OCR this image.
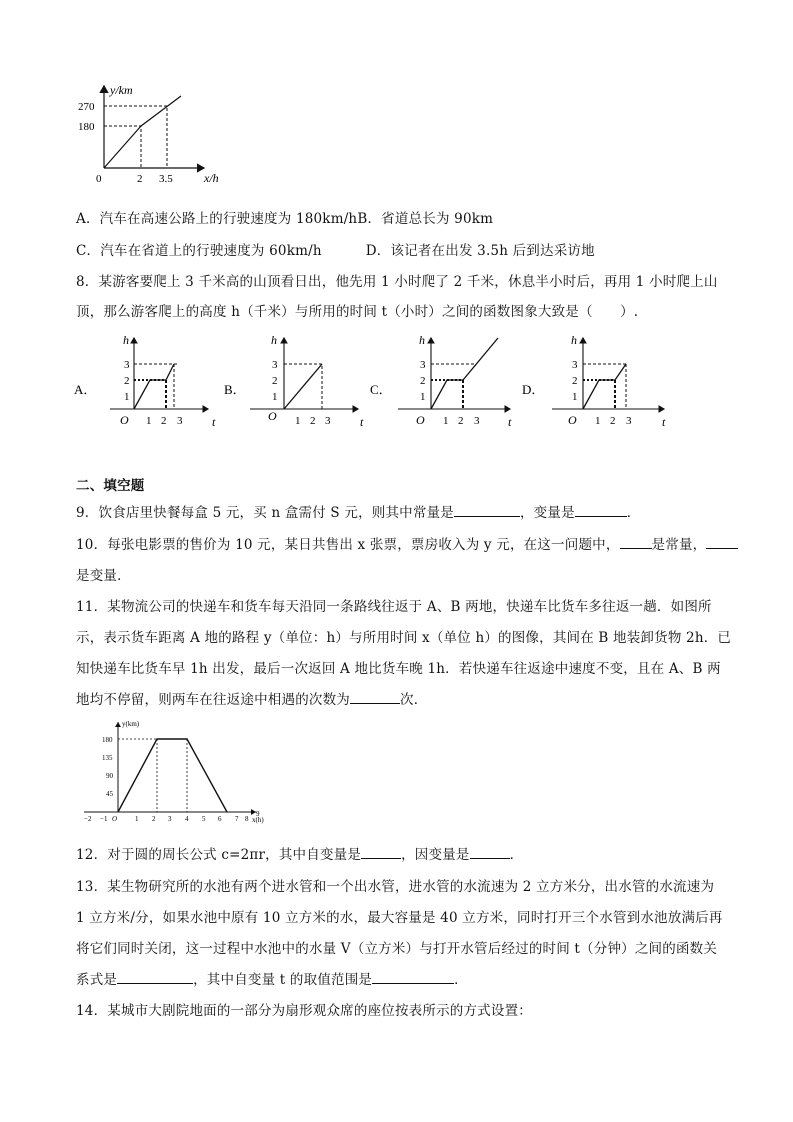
y/km
x/h
0
270
180
2 3.5
A．汽车在高速公路上的行驶速度为 180km/hB．省道总长为 90km
C．汽车在省道上的行驶速度为 60km/h	D．该记者在出发 3.5h 后到达采访地
8．某游客要爬上 3 千米高的山顶看日出，他先用 1 小时爬了 2 千米，休息半小时后，再用 1 小时爬上山
顶，那么游客爬上的高度 h（千米）与所用的时间 t（小时）之间的函数图象大致是（　　）.
A．
h
t
O
3
2
1
1 2 3
B．
h
t
O
3
2
1
1 2 3
C．
h
t
O
3
2
1
1 2 3
D．
h
t
O
3
2
1
1 2 3
二、填空题
9．饮食店里快餐每盒 5 元，买 n 盒需付 S 元，则其中常量是	，变量是	．
10．每张电影票的售价为 10 元，某日共售出 x 张票，票房收入为 y 元，在这一问题中， 是常量，
是变量．
11．某物流公司的快递车和货车每天沿同一条路线往返于 A、B 两地，快递车比货车多往返一趟．如图所
示，表示货车距离 A 地的路程 y（单位：h）与所用时间 x（单位 h）的图像，其间在 B 地装卸货物 2h．已
知快递车比货车早 1h 出发，最后一次返回 A 地比货车晚 1h．若快递车往返途中速度不变，且在 A、B 两
地均不停留，则两车在往返途中相遇的次数为	次．
y(km)
x(h)
180
135
90
45
O
−2 −1	1 2 3 4 5 6 7 8
9
12．对于圆的周长公式 c=2πr，其中自变量是	，因变量是	．
13．某生物研究所的水池有两个进水管和一个出水管，进水管的水流速为 2 立方米分，出水管的水流速为
1 立方米/分，如果水池中原有 10 立方米的水，最大容量是 40 立方米，同时打开三个水管到水池放满后再
将它们同时关闭，这一过程中水池中的水量 V（立方米）与打开水管后经过的时间 t（分钟）之间的函数关
系式是	，其中自变量 t 的取值范围是	．
14．某城市大剧院地面的一部分为扇形观众席的座位按表所示的方式设置：
